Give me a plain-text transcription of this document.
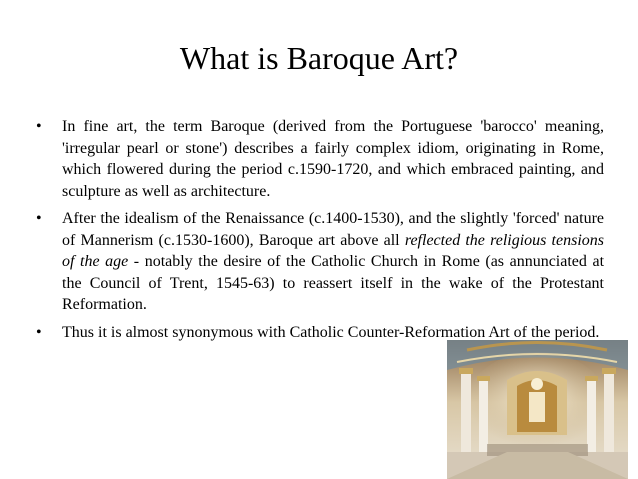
What is Baroque Art?
• In fine art, the term Baroque (derived from the Portuguese 'barocco' meaning, 'irregular pearl or stone') describes a fairly complex idiom, originating in Rome, which flowered during the period c.1590-1720, and which embraced painting, and sculpture as well as architecture.
• After the idealism of the Renaissance (c.1400-1530), and the slightly 'forced' nature of Mannerism (c.1530-1600), Baroque art above all reflected the religious tensions of the age - notably the desire of the Catholic Church in Rome (as annunciated at the Council of Trent, 1545-63) to reassert itself in the wake of the Protestant Reformation.
• Thus it is almost synonymous with Catholic Counter-Reformation Art of the period.
